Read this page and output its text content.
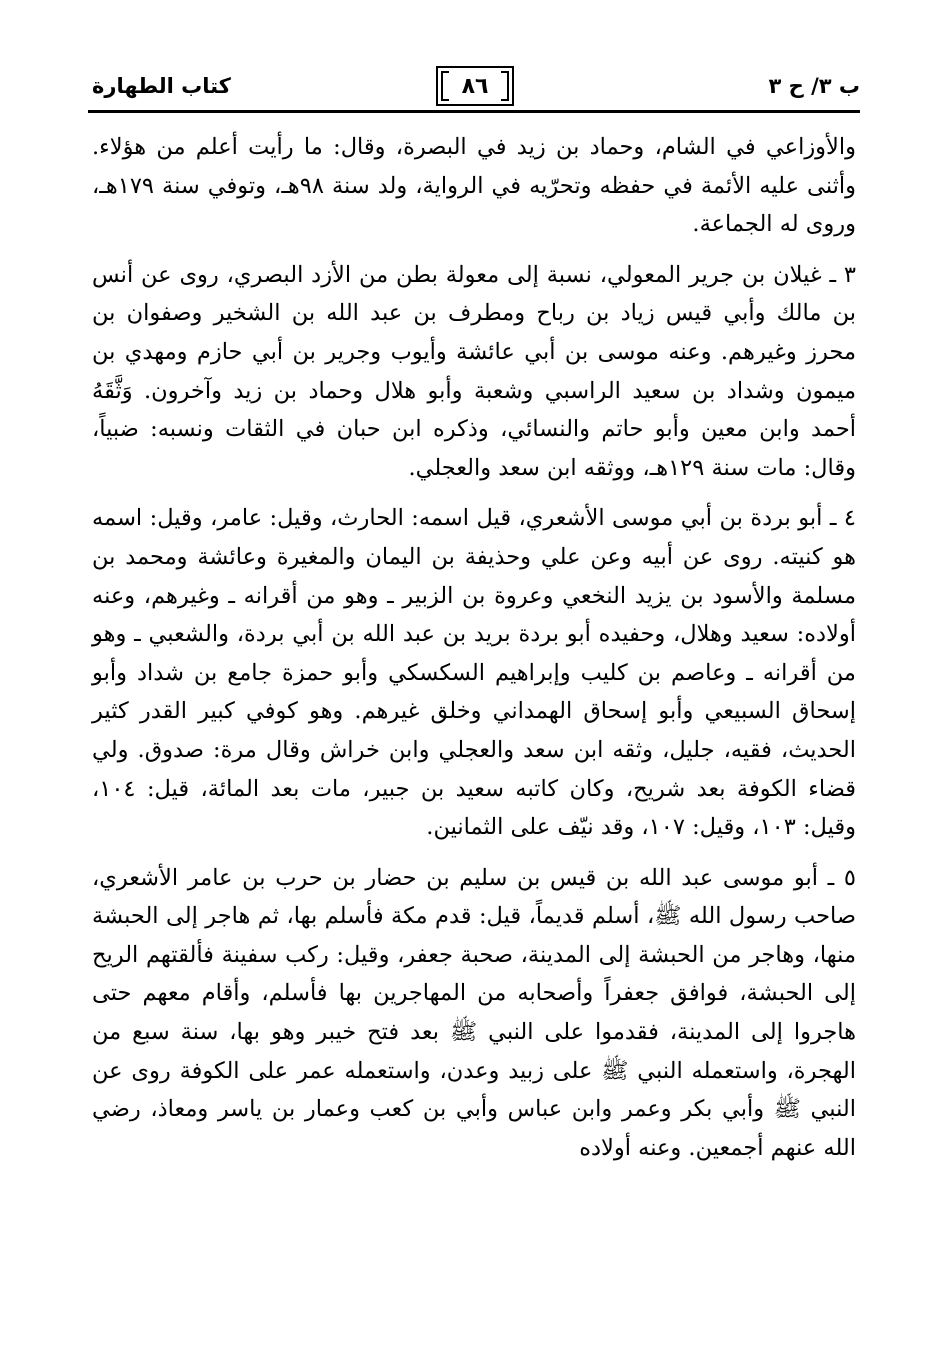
ب ٣/ ح ٣
٨٦
كتاب الطهارة

والأوزاعي في الشام، وحماد بن زيد في البصرة، وقال: ما رأيت أعلم من هؤلاء. وأثنى عليه الأئمة في حفظه وتحرّيه في الرواية، ولد سنة ٩٨هـ، وتوفي سنة ١٧٩هـ، وروى له الجماعة.

٣ ـ غيلان بن جرير المعولي، نسبة إلى معولة بطن من الأزد البصري، روى عن أنس بن مالك وأبي قيس زياد بن رباح ومطرف بن عبد الله بن الشخير وصفوان بن محرز وغيرهم. وعنه موسى بن أبي عائشة وأيوب وجرير بن أبي حازم ومهدي بن ميمون وشداد بن سعيد الراسبي وشعبة وأبو هلال وحماد بن زيد وآخرون. وَثَّقَهُ أحمد وابن معين وأبو حاتم والنسائي، وذكره ابن حبان في الثقات ونسبه: ضبياً، وقال: مات سنة ١٢٩هـ، ووثقه ابن سعد والعجلي.

٤ ـ أبو بردة بن أبي موسى الأشعري، قيل اسمه: الحارث، وقيل: عامر، وقيل: اسمه هو كنيته. روى عن أبيه وعن علي وحذيفة بن اليمان والمغيرة وعائشة ومحمد بن مسلمة والأسود بن يزيد النخعي وعروة بن الزبير ـ وهو من أقرانه ـ وغيرهم، وعنه أولاده: سعيد وهلال، وحفيده أبو بردة بريد بن عبد الله بن أبي بردة، والشعبي ـ وهو من أقرانه ـ وعاصم بن كليب وإبراهيم السكسكي وأبو حمزة جامع بن شداد وأبو إسحاق السبيعي وأبو إسحاق الهمداني وخلق غيرهم. وهو كوفي كبير القدر كثير الحديث، فقيه، جليل، وثقه ابن سعد والعجلي وابن خراش وقال مرة: صدوق. ولي قضاء الكوفة بعد شريح، وكان كاتبه سعيد بن جبير، مات بعد المائة، قيل: ١٠٤، وقيل: ١٠٣، وقيل: ١٠٧، وقد نيّف على الثمانين.

٥ ـ أبو موسى عبد الله بن قيس بن سليم بن حضار بن حرب بن عامر الأشعري، صاحب رسول الله ﷺ، أسلم قديماً، قيل: قدم مكة فأسلم بها، ثم هاجر إلى الحبشة منها، وهاجر من الحبشة إلى المدينة، صحبة جعفر، وقيل: ركب سفينة فألقتهم الريح إلى الحبشة، فوافق جعفراً وأصحابه من المهاجرين بها فأسلم، وأقام معهم حتى هاجروا إلى المدينة، فقدموا على النبي ﷺ بعد فتح خيبر وهو بها، سنة سبع من الهجرة، واستعمله النبي ﷺ على زبيد وعدن، واستعمله عمر على الكوفة روى عن النبي ﷺ وأبي بكر وعمر وابن عباس وأبي بن كعب وعمار بن ياسر ومعاذ، رضي الله عنهم أجمعين. وعنه أولاده
